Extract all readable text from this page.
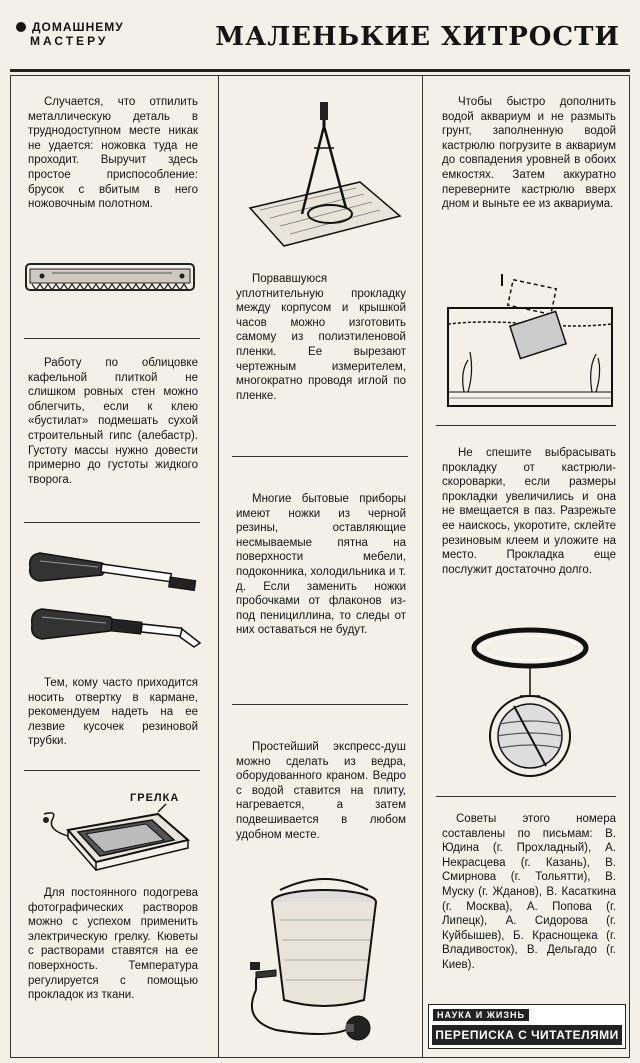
ДОМАШНЕМУ
МАСТЕРУ	МАЛЕНЬКИЕ ХИТРОСТИ
Случается, что отпилить металлическую деталь в труднодоступном месте никак не удается: ножовка туда не проходит. Выручит здесь простое приспособление: брусок с вбитым в него ножовочным полотном.
Работу по облицовке кафельной плиткой не слишком ровных стен можно облегчить, если к клею «бустилат» подмешать сухой строительный гипс (алебастр). Густоту массы нужно довести примерно до густоты жидкого творога.
Тем, кому часто приходится носить отвертку в кармане, рекомендуем надеть на ее лезвие кусочек резиновой трубки.
ГРЕЛКА
Для постоянного подогрева фотографических растворов можно с успехом применить электрическую грелку. Кюветы с растворами ставятся на ее поверхность. Температура регулируется с помощью прокладок из ткани.
Порвавшуюся уплотнительную прокладку между корпусом и крышкой часов можно изготовить самому из полиэтиленовой пленки. Ее вырезают чертежным измерителем, многократно проводя иглой по пленке.
Многие бытовые приборы имеют ножки из черной резины, оставляющие несмываемые пятна на поверхности мебели, подоконника, холодильника и т. д. Если заменить ножки пробочками от флаконов из-под пенициллина, то следы от них оставаться не будут.
Простейший экспресс-душ можно сделать из ведра, оборудованного краном. Ведро с водой ставится на плиту, нагревается, а затем подвешивается в любом удобном месте.
Чтобы быстро дополнить водой аквариум и не размыть грунт, заполненную водой кастрюлю погрузите в аквариум до совпадения уровней в обоих емкостях. Затем аккуратно переверните кастрюлю вверх дном и выньте ее из аквариума.
Не спешите выбрасывать прокладку от кастрюли-скороварки, если размеры прокладки увеличились и она не вмещается в паз. Разрежьте ее наискось, укоротите, склейте резиновым клеем и уложите на место. Прокладка еще послужит достаточно долго.
Советы этого номера составлены по письмам: В. Юдина (г. Прохладный), А. Некрасцева (г. Казань), В. Смирнова (г. Тольятти), В. Муску (г. Жданов), В. Касаткина (г. Москва), А. Попова (г. Липецк), А. Сидорова (г. Куйбышев), Б. Краснощека (г. Владивосток), В. Дельгадо (г. Киев).
НАУКА И ЖИЗНЬ
ПЕРЕПИСКА С ЧИТАТЕЛЯМИ
